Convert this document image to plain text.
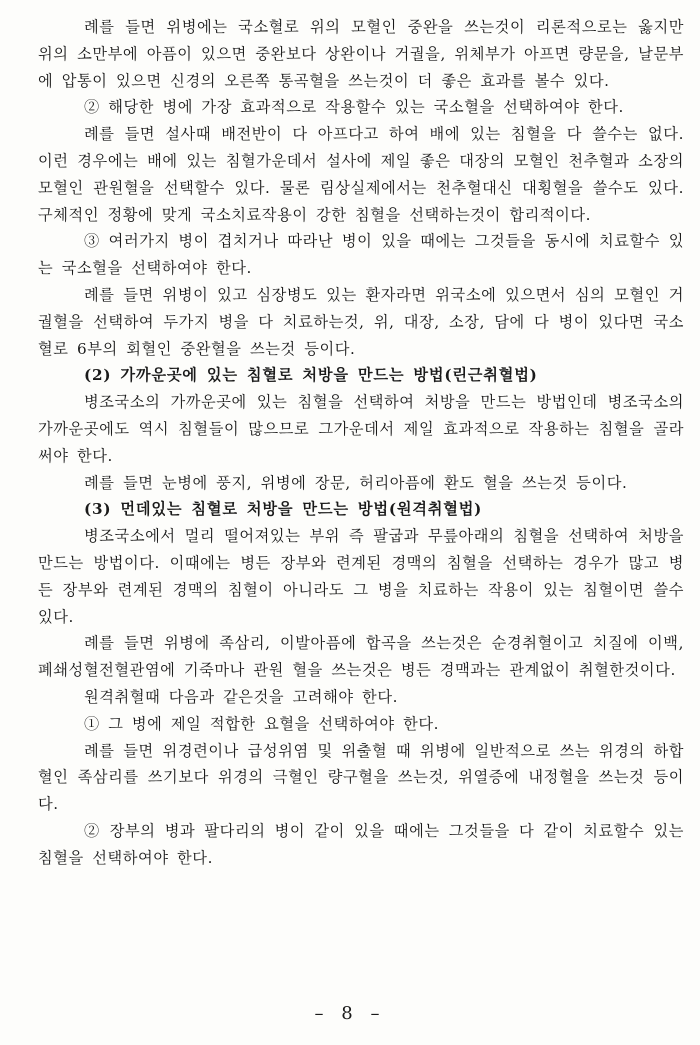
례를 들면 위병에는 국소혈로 위의 모혈인 중완을 쓰는것이 리론적으로는 옳지만 위의 소만부에 아픔이 있으면 중완보다 상완이나 거궐을, 위체부가 아프면 량문을, 날문부에 압통이 있으면 신경의 오른쪽 통곡혈을 쓰는것이 더 좋은 효과를 볼수 있다.

② 해당한 병에 가장 효과적으로 작용할수 있는 국소혈을 선택하여야 한다.

례를 들면 설사때 배전반이 다 아프다고 하여 배에 있는 침혈을 다 쓸수는 없다. 이런 경우에는 배에 있는 침혈가운데서 설사에 제일 좋은 대장의 모혈인 천추혈과 소장의 모혈인 관원혈을 선택할수 있다. 물론 림상실제에서는 천추혈대신 대횡혈을 쓸수도 있다. 구체적인 정황에 맞게 국소치료작용이 강한 침혈을 선택하는것이 합리적이다.

③ 여러가지 병이 겹치거나 따라난 병이 있을 때에는 그것들을 동시에 치료할수 있는 국소혈을 선택하여야 한다.

례를 들면 위병이 있고 심장병도 있는 환자라면 위국소에 있으면서 심의 모혈인 거궐혈을 선택하여 두가지 병을 다 치료하는것, 위, 대장, 소장, 담에 다 병이 있다면 국소혈로 6부의 회혈인 중완혈을 쓰는것 등이다.

(2) 가까운곳에 있는 침혈로 처방을 만드는 방법(린근취혈법)

병조국소의 가까운곳에 있는 침혈을 선택하여 처방을 만드는 방법인데 병조국소의 가까운곳에도 역시 침혈들이 많으므로 그가운데서 제일 효과적으로 작용하는 침혈을 골라써야 한다.

례를 들면 눈병에 풍지, 위병에 장문, 허리아픔에 환도 혈을 쓰는것 등이다.

(3) 먼데있는 침혈로 처방을 만드는 방법(원격취혈법)

병조국소에서 멀리 떨어져있는 부위 즉 팔굽과 무릎아래의 침혈을 선택하여 처방을 만드는 방법이다. 이때에는 병든 장부와 련계된 경맥의 침혈을 선택하는 경우가 많고 병든 장부와 련계된 경맥의 침혈이 아니라도 그 병을 치료하는 작용이 있는 침혈이면 쓸수 있다.

례를 들면 위병에 족삼리, 이발아픔에 합곡을 쓰는것은 순경취혈이고 치질에 이백, 폐쇄성혈전혈관염에 기죽마나 관원 혈을 쓰는것은 병든 경맥과는 관계없이 취혈한것이다.

원격취혈때 다음과 같은것을 고려해야 한다.

① 그 병에 제일 적합한 요혈을 선택하여야 한다.

례를 들면 위경련이나 급성위염 및 위출혈 때 위병에 일반적으로 쓰는 위경의 하합혈인 족삼리를 쓰기보다 위경의 극혈인 량구혈을 쓰는것, 위열증에 내정혈을 쓰는것 등이다.

② 장부의 병과 팔다리의 병이 같이 있을 때에는 그것들을 다 같이 치료할수 있는 침혈을 선택하여야 한다.

– 8 –
